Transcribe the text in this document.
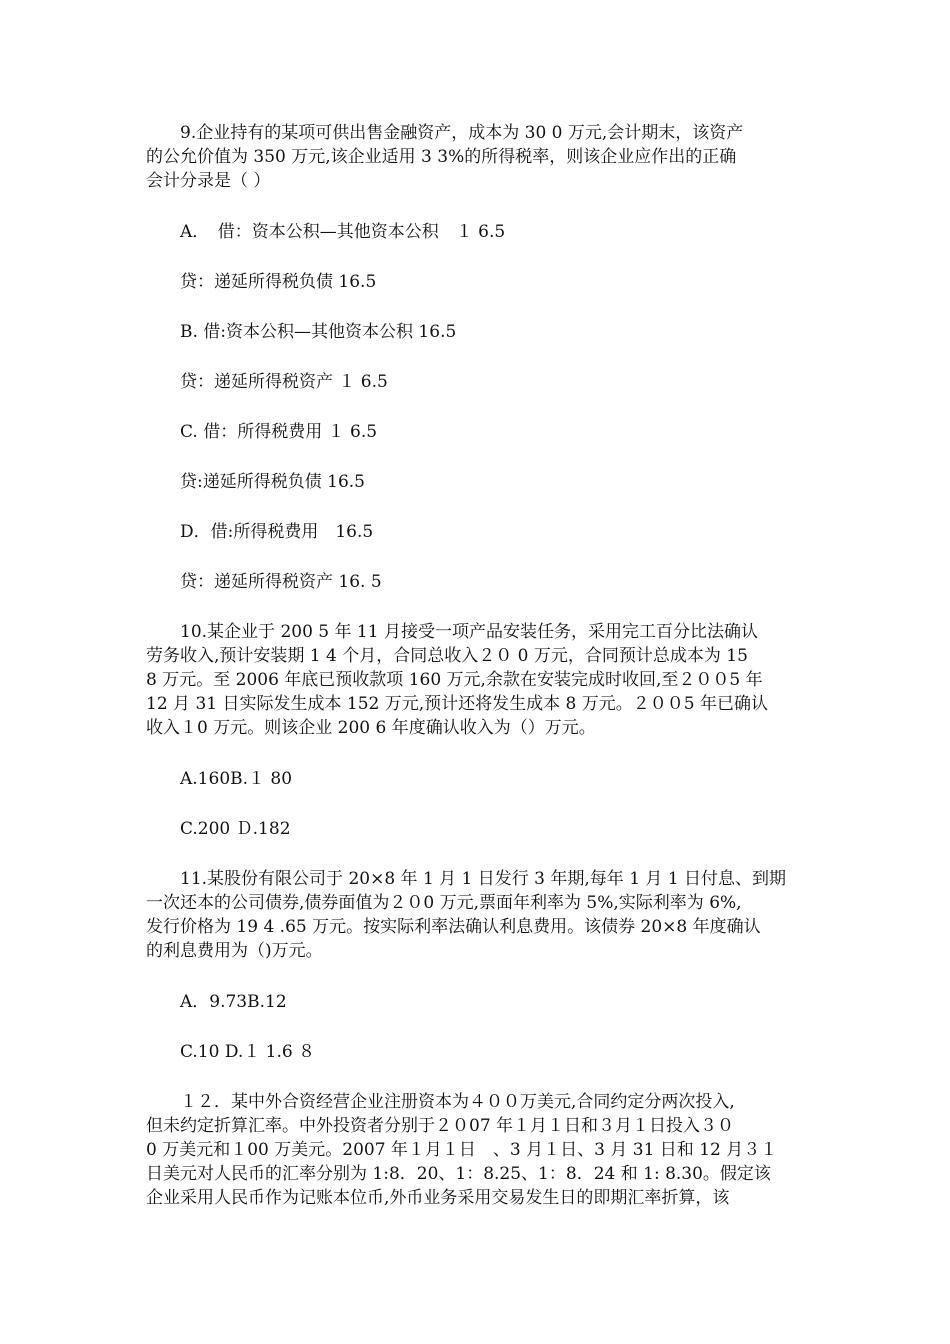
9.企业持有的某项可供出售金融资产，成本为 30 0 万元,会计期末，该资产
的公允价值为 350 万元,该企业适用 3 3%的所得税率，则该企业应作出的正确
会计分录是（ ）

A．　借：资本公积—其他资本公积　１ 6.5

贷：递延所得税负债 16.5

B. 借:资本公积—其他资本公积 16.5

贷：递延所得税资产 １ 6.5

C. 借：所得税费用 １ 6.5

贷:递延所得税负债 16.5

D．借:所得税费用　16.5

贷：递延所得税资产 16. 5

10.某企业于 200 5 年 11 月接受一项产品安装任务，采用完工百分比法确认
劳务收入,预计安装期 1 4 个月，合同总收入２０ 0 万元，合同预计总成本为 15
8 万元。至 2006 年底已预收款项 160 万元,余款在安装完成时收回,至２００5 年
12 月 31 日实际发生成本 152 万元,预计还将发生成本 8 万元。２００5 年已确认
收入１0 万元。则该企业 200 6 年度确认收入为（）万元。

A.160B.１ 80

C.200 Ｄ.182

11.某股份有限公司于 20×8 年 1 月 1 日发行 3 年期,每年 1 月 1 日付息、到期
一次还本的公司债券,债券面值为２０0 万元,票面年利率为 5%,实际利率为 6%,
发行价格为 19 4 .65 万元。按实际利率法确认利息费用。该债券 20×8 年度确认
的利息费用为（)万元。

A．9.73B.12

C.10 D.１ 1.6 ８

１２．某中外合资经营企业注册资本为４００万美元,合同约定分两次投入,
但未约定折算汇率。中外投资者分别于２０07 年１月１日和３月１日投入３０
0 万美元和１00 万美元。2007 年１月１日　、3 月１日、3 月 31 日和 12 月３１
日美元对人民币的汇率分别为 1:8．20、1：8.25、1：8．24 和 1: 8.30。假定该
企业采用人民币作为记账本位币,外币业务采用交易发生日的即期汇率折算，该
